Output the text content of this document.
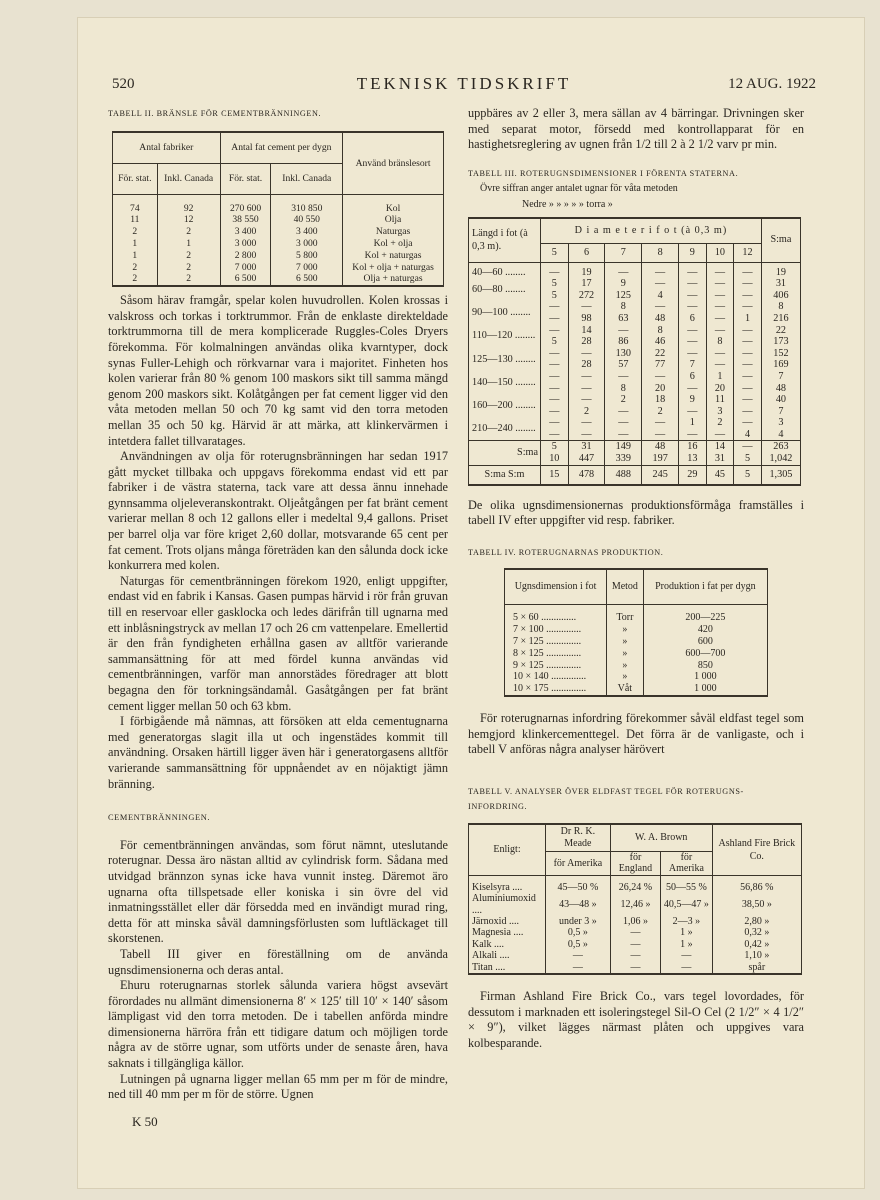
520	TEKNISK TIDSKRIFT	12 AUG. 1922

TABELL II. BRÄNSLE FÖR CEMENTBRÄNNINGEN.

Antal fabriker		Antal fat cement per dygn		Använd bränslesort
För. stat.	Inkl. Canada	För. stat.	Inkl. Canada	
74	92	270 600	310 850	Kol
11	12	38 550	40 550	Olja
2	2	3 400	3 400	Naturgas
1	1	3 000	3 000	Kol + olja
1	2	2 800	5 800	Kol + naturgas
2	2	7 000	7 000	Kol + olja + naturgas
2	2	6 500	6 500	Olja + naturgas

Såsom härav framgår, spelar kolen huvudrollen. Kolen krossas i valskross och torkas i torktrummor. Från de enklaste direkteldade torktrummorna till de mera komplicerade Ruggles-Coles Dryers förekomma. För kolmalningen användas olika kvarntyper, dock synas Fuller-Lehigh och rörkvarnar vara i majoritet. Finheten hos kolen varierar från 80 % genom 100 maskors sikt till samma mängd genom 200 maskors sikt. Kolåtgången per fat cement ligger vid den våta metoden mellan 50 och 70 kg samt vid den torra metoden mellan 35 och 50 kg. Härvid är att märka, att klinkervärmen i intetdera fallet tillvaratages.

Användningen av olja för roterugnsbränningen har sedan 1917 gått mycket tillbaka och uppgavs förekomma endast vid ett par fabriker i de västra staterna, tack vare att dessa ännu innehade gynnsamma oljeleveranskontrakt. Oljeåtgången per fat bränt cement varierar mellan 8 och 12 gallons eller i medeltal 9,4 gallons. Priset per barrel olja var före kriget 2,60 dollar, motsvarande 65 cent per fat cement. Trots oljans många företräden kan den sålunda dock icke konkurrera med kolen.

Naturgas för cementbränningen förekom 1920, enligt uppgifter, endast vid en fabrik i Kansas. Gasen pumpas härvid i rör från gruvan till en reservoar eller gasklocka och ledes därifrån till ugnarna med ett inblåsningstryck av mellan 17 och 26 cm vattenpelare. Emellertid är den från fyndigheten erhållna gasen av alltför varierande sammansättning för att med fördel kunna användas vid cementbränningen, varför man annorstädes föredrager att blott begagna den för torkningsändamål. Gasåtgången per fat bränt cement ligger mellan 50 och 63 kbm.

I förbigående må nämnas, att försöken att elda cementugnarna med generatorgas slagit illa ut och ingenstädes kommit till användning. Orsaken härtill ligger även här i generatorgasens alltför varierande sammansättning för uppnåendet av en nöjaktigt jämn bränning.

CEMENTBRÄNNINGEN.

För cementbränningen användas, som förut nämnt, uteslutande roterugnar. Dessa äro nästan alltid av cylindrisk form. Sådana med utvidgad brännzon synas icke hava vunnit insteg. Däremot äro ugnarna ofta tillspetsade eller koniska i sin övre del vid inmatningsstället eller där försedda med en invändigt murad ring, detta för att minska såväl damningsförlusten som luftläckaget till skorstenen.

Tabell III giver en föreställning om de använda ugnsdimensionerna och deras antal.

Ehuru roterugnarnas storlek sålunda variera högst avsevärt förordades nu allmänt dimensionerna 8′ × 125′ till 10′ × 140′ såsom lämpligast vid den torra metoden. De i tabellen anförda mindre dimensionerna härröra från ett tidigare datum och möjligen torde några av de större ugnar, som utförts under de senaste åren, hava saknats i tillgängliga källor.

Lutningen på ugnarna ligger mellan 65 mm per m för de mindre, ned till 40 mm per m för de större. Ugnen

uppbäres av 2 eller 3, mera sällan av 4 bärringar. Drivningen sker med separat motor, försedd med kontrollapparat för en hastighetsreglering av ugnen från 1/2 till 2 à 2 1/2 varv pr min.

TABELL III. ROTERUGNSDIMENSIONER I FÖRENTA STATERNA.

Övre siffran anger antalet ugnar för våta metoden

Nedre » » » » » torra »

Längd i fot (à 0,3 m).	D i a m e t e r i f o t (à 0,3 m)							S:ma
	5	6	7	8	9	10	12	
40—60 ........	—	19	—	—	—	—	—	19
60—80 ........	5	17	9	—	—	—	—	31
	5	272	125	4	—	—	—	406
90—100 ........	—	—	8	—	—	—	—	8
	—	98	63	48	6	—	1	216
110—120 ........	—	14	—	8	—	—	—	22
	5	28	86	46	—	8	—	173
125—130 ........	—	—	130	22	—	—	—	152
	—	28	57	77	7	—	—	169
140—150 ........	—	—	—	—	6	1	—	7
	—	—	8	20	—	20	—	48
160—200 ........	—	—	2	18	9	11	—	40
	—	2	—	2	—	3	—	7
210—240 ........	—	—	—	—	1	2	—	3
	—	—	—	—	—	—	4	4
S:ma	5	31	149	48	16	14	—	263
	10	447	339	197	13	31	5	1,042
S:ma S:m	15	478	488	245	29	45	5	1,305

De olika ugnsdimensionernas produktionsförmåga framställes i tabell IV efter uppgifter vid resp. fabriker.

TABELL IV. ROTERUGNARNAS PRODUKTION.

Ugnsdimension i fot	Metod	Produktion i fat per dygn
5 × 60 ..............	Torr	200—225
7 × 100 ..............	»	420
7 × 125 ..............	»	600
8 × 125 ..............	»	600—700
9 × 125 ..............	»	850
10 × 140 ..............	»	1 000
10 × 175 ..............	Våt	1 000

För roterugnarnas infordring förekommer såväl eldfast tegel som hemgjord klinkercementtegel. Det förra är de vanligaste, och i tabell V anföras några analyser härövert

TABELL V. ANALYSER ÖVER ELDFAST TEGEL FÖR ROTERUGNS-

INFORDRING.

Enligt:	Dr R. K. Meade	W. A. Brown		Ashland Fire Brick Co.
	för Amerika	för England	för Amerika	
Kiselsyra ....	45—50 %	26,24 %	50—55 %	56,86 %
Aluminiumoxid ....	43—48 »	12,46 »	40,5—47 »	38,50 »
Järnoxid ....	under 3 »	1,06 »	2—3 »	2,80 »
Magnesia ....	0,5 »	—	1 »	0,32 »
Kalk ....	0,5 »	—	1 »	0,42 »
Alkali ....	—	—	—	1,10 »
Titan ....	—	—	—	spår

Firman Ashland Fire Brick Co., vars tegel lovordades, för dessutom i marknaden ett isoleringstegel Sil-O Cel (2 1/2″ × 4 1/2″ × 9″), vilket lägges närmast plåten och uppgives vara kolbesparande.

K 50
